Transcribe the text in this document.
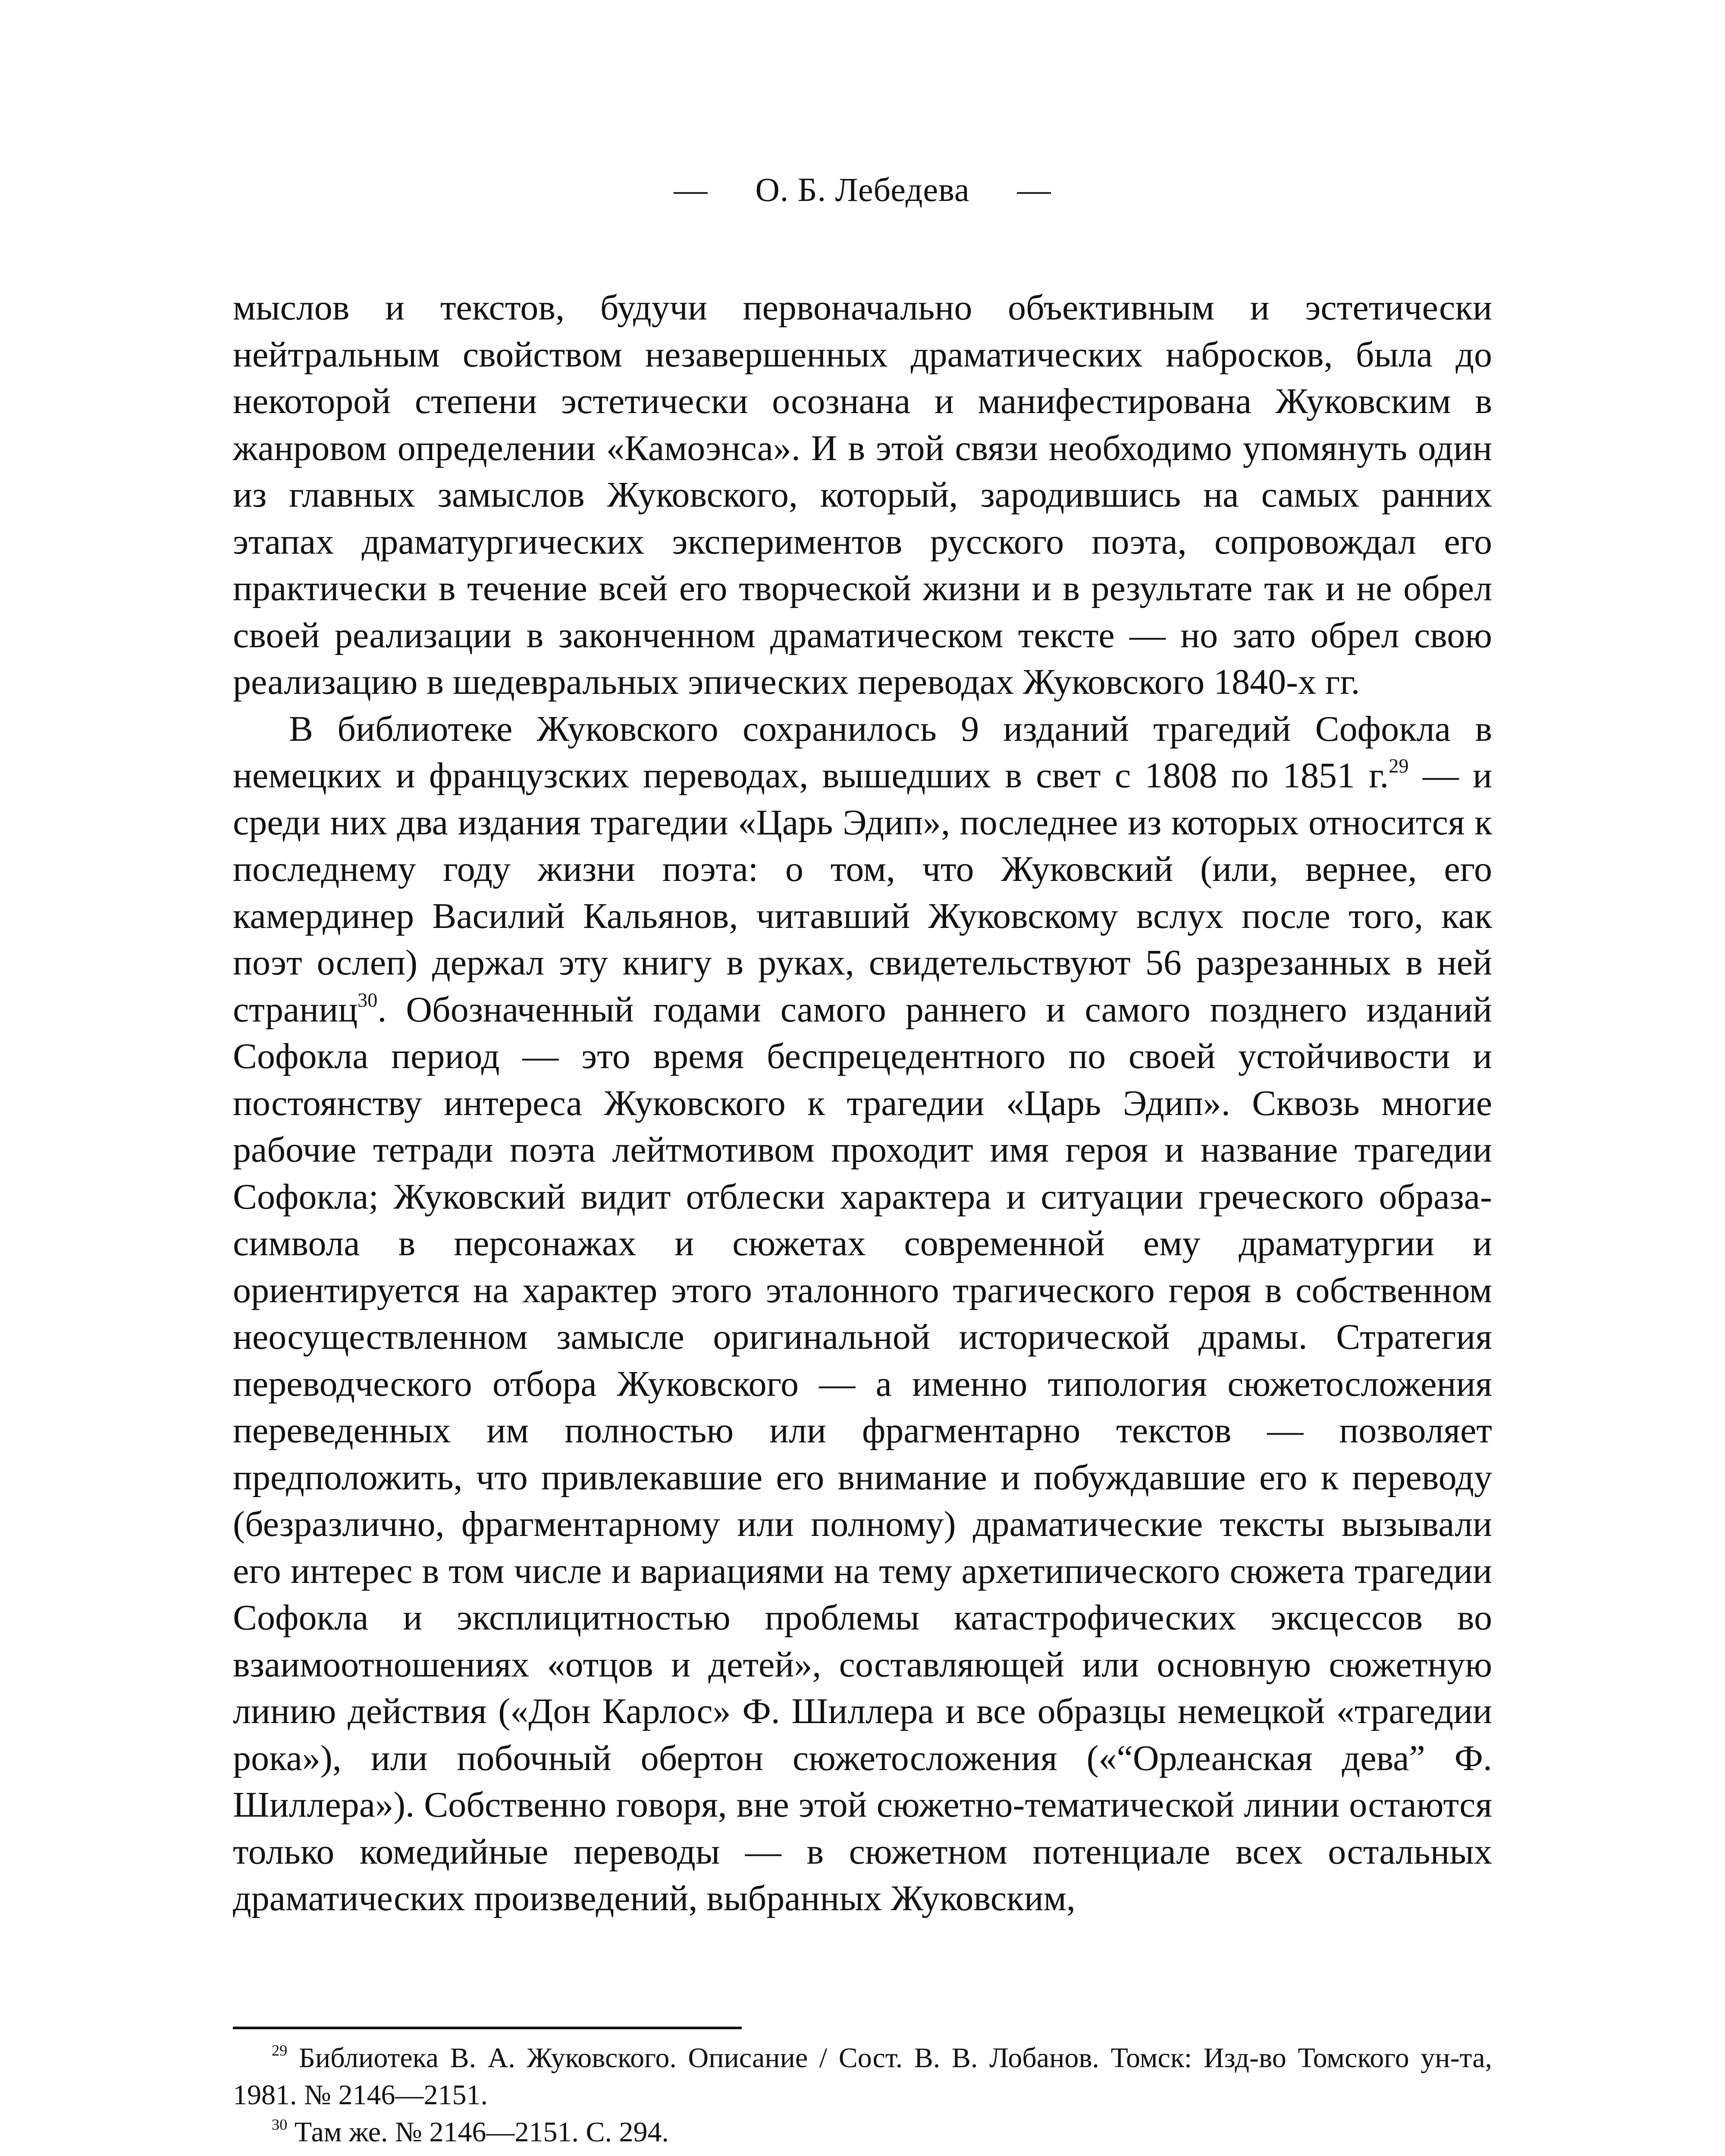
— О. Б. Лебедева —

мыслов и текстов, будучи первоначально объективным и эстетически нейтральным свойством незавершенных драматических набросков, была до некоторой степени эстетически осознана и манифестирована Жуковским в жанровом определении «Камоэнса». И в этой связи необходимо упомянуть один из главных замыслов Жуковского, который, зародившись на самых ранних этапах драматургических экспериментов русского поэта, сопровождал его практически в течение всей его творческой жизни и в результате так и не обрел своей реализации в законченном драматическом тексте — но зато обрел свою реализацию в шедевральных эпических переводах Жуковского 1840-х гг.

В библиотеке Жуковского сохранилось 9 изданий трагедий Софокла в немецких и французских переводах, вышедших в свет с 1808 по 1851 г.$^{29}$ — и среди них два издания трагедии «Царь Эдип», последнее из которых относится к последнему году жизни поэта: о том, что Жуковский (или, вернее, его камердинер Василий Кальянов, читавший Жуковскому вслух после того, как поэт ослеп) держал эту книгу в руках, свидетельствуют 56 разрезанных в ней страниц$^{30}$. Обозначенный годами самого раннего и самого позднего изданий Софокла период — это время беспрецедентного по своей устойчивости и постоянству интереса Жуковского к трагедии «Царь Эдип». Сквозь многие рабочие тетради поэта лейтмотивом проходит имя героя и название трагедии Софокла; Жуковский видит отблески характера и ситуации греческого образа-символа в персонажах и сюжетах современной ему драматургии и ориентируется на характер этого эталонного трагического героя в собственном неосуществленном замысле оригинальной исторической драмы. Стратегия переводческого отбора Жуковского — а именно типология сюжетосложения переведенных им полностью или фрагментарно текстов — позволяет предположить, что привлекавшие его внимание и побуждавшие его к переводу (безразлично, фрагментарному или полному) драматические тексты вызывали его интерес в том числе и вариациями на тему архетипического сюжета трагедии Софокла и эксплицитностью проблемы катастрофических эксцессов во взаимоотношениях «отцов и детей», составляющей или основную сюжетную линию действия («Дон Карлос» Ф. Шиллера и все образцы немецкой «трагедии рока»), или побочный обертон сюжетосложения («“Орлеанская дева” Ф. Шиллера»). Собственно говоря, вне этой сюжетно-тематической линии остаются только комедийные переводы — в сюжетном потенциале всех остальных драматических произведений, выбранных Жуковским,

$^{29}$ Библиотека В. А. Жуковского. Описание / Сост. В. В. Лобанов. Томск: Изд-во Томского ун-та, 1981. № 2146—2151.

$^{30}$ Там же. № 2146—2151. С. 294.
